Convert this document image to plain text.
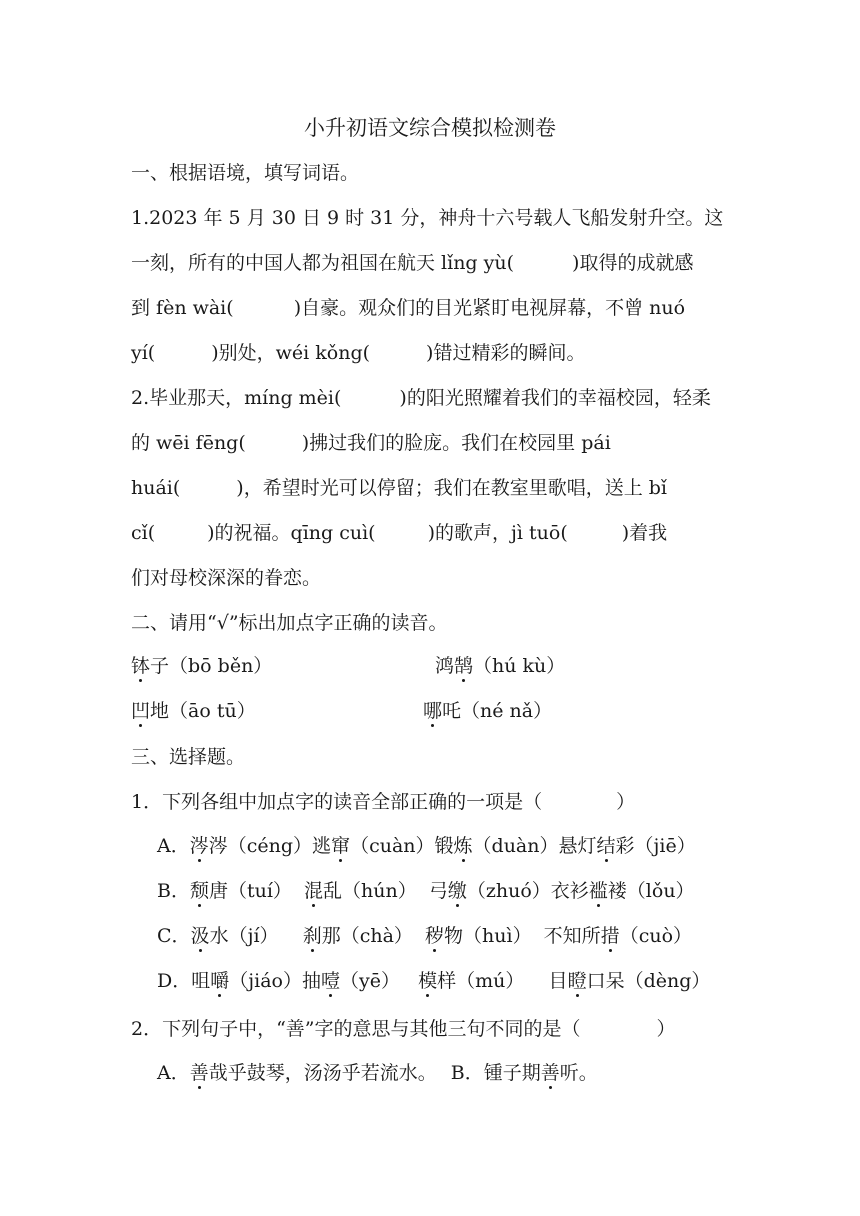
小升初语文综合模拟检测卷
一、根据语境，填写词语。
1.2023 年 5 月 30 日 9 时 31 分，神舟十六号载人飞船发射升空。这
一刻，所有的中国人都为祖国在航天 lǐng yù(	)取得的成就感
到 fèn wài(	)自豪。观众们的目光紧盯电视屏幕，不曾 nuó
yí(	)别处，wéi kǒng(	)错过精彩的瞬间。
2.毕业那天，míng mèi(	)的阳光照耀着我们的幸福校园，轻柔
的 wēi fēng(	)拂过我们的脸庞。我们在校园里 pái
huái(	)，希望时光可以停留；我们在教室里歌唱，送上 bǐ
cǐ(	)的祝福。qīng cuì(	)的歌声，jì tuō(	)着我
们对母校深深的眷恋。
二、请用“√”标出加点字正确的读音。
钵子（bō běn）	鸿鹄（hú kù）
凹地（āo tū）	哪吒（né nǎ）
三、选择题。
1．下列各组中加点字的读音全部正确的一项是（	）
A．涔涔（céng）逃窜（cuàn）锻炼（duàn）悬灯结彩（jiē）
B．颓唐（tuí）  混乱（hún）  弓缴（zhuó）衣衫褴褛（lǒu）
C．汲水（jí）    刹那（chà）  秽物（huì）  不知所措（cuò）
D．咀嚼（jiáo）抽噎（yē）   模样（mú）    目瞪口呆（dèng）
2．下列句子中，“善”字的意思与其他三句不同的是（	）
A．善哉乎鼓琴，汤汤乎若流水。 B．锺子期善听。
